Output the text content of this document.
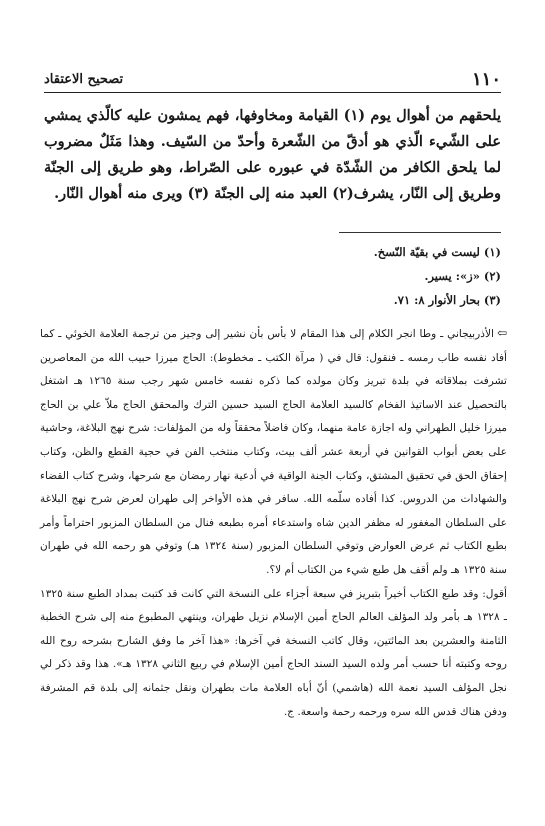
١١٠
تصحيح الاعتقاد

يلحقهم من أهوال يوم (١) القيامة ومخاوفها، فهم يمشون عليه كالّذي يمشي على الشّيء الّذي هو أدقّ من الشّعرة وأحدّ من السّيف. وهذا مَثَلٌ مضروب لما يلحق الكافر من الشّدّة في عبوره على الصّراط، وهو طريق إلى الجنّة وطريق إلى النّار، يشرف(٢) العبد منه إلى الجنّة (٣) ويرى منه أهوال النّار.

(١) ليست في بقيّة النّسخ.
(٢) «ز»: يسير.
(٣) بحار الأنوار ٨: ٧١.

⇦الأذربيجاني ـ وطا انجر الكلام إلى هذا المقام لا بأس بأن نشير إلى وجيز من ترجمة العلامة الخوئي ـ كما أفاد نفسه طاب رمسه ـ فنقول: قال في ( مرآة الكتب ـ مخطوط): الحاج ميرزا حبيب الله من المعاصرين تشرفت بملاقاته في بلدة تبريز وكان مولده كما ذكره نفسه خامس شهر رجب سنة ١٢٦٥ هـ اشتغل بالتحصيل عند الاساتيذ الفخام كالسيد العلامة الحاج السيد حسين الترك والمحقق الحاج ملاّ علي بن الحاج ميرزا خليل الطهراني وله اجازة عامة منهما، وكان فاضلاً محققاً وله من المؤلفات: شرح نهج البلاغة، وحاشية على بعض أبواب القوانين في أربعة عشر ألف بيت، وكتاب منتخب الفن في حجية القطع والظن، وكتاب إحقاق الحق في تحقيق المشتق، وكتاب الجنة الواقية في أدعية نهار رمضان مع شرحها، وشرح كتاب القضاء والشهادات من الدروس. كذا أفاده سلّمه الله. سافر في هذه الأواخر إلى طهران لعرض شرح نهج البلاغة على السلطان المغفور له مظفر الدين شاه واستدعاء أمره بطبعه فنال من السلطان المزبور احتراماً وأمر بطبع الكتاب ثم عرض العوارض وتوفي السلطان المزبور (سنة ١٣٢٤ هـ) وتوفي هو رحمه الله في طهران سنة ١٣٢٥ هـ ولم أقف هل طبع شيء من الكتاب أم لا؟.

أقول: وقد طبع الكتاب أخيراً بتبريز في سبعة أجزاء على النسخة التي كانت قد كتبت بمداد الطبع سنة ١٣٢٥ ـ ١٣٢٨ هـ بأمر ولد المؤلف العالم الحاج أمين الإسلام نزيل طهران، وينتهي المطبوع منه إلى شرح الخطبة الثامنة والعشرين بعد المائتين، وقال كاتب النسخة في آخرها: «هذا آخر ما وفق الشارح بشرحه روح الله روحه وكتبته أنا حسب أمر ولده السيد السند الحاج أمين الإسلام في ربيع الثاني ١٣٢٨ هـ». هذا وقد ذكر لي نجل المؤلف السيد نعمة الله (هاشمي) أنّ أباه العلامة مات بطهران ونقل جثمانه إلى بلدة قم المشرفة ودفن هناك قدس الله سره ورحمه رحمة واسعة. ج.
